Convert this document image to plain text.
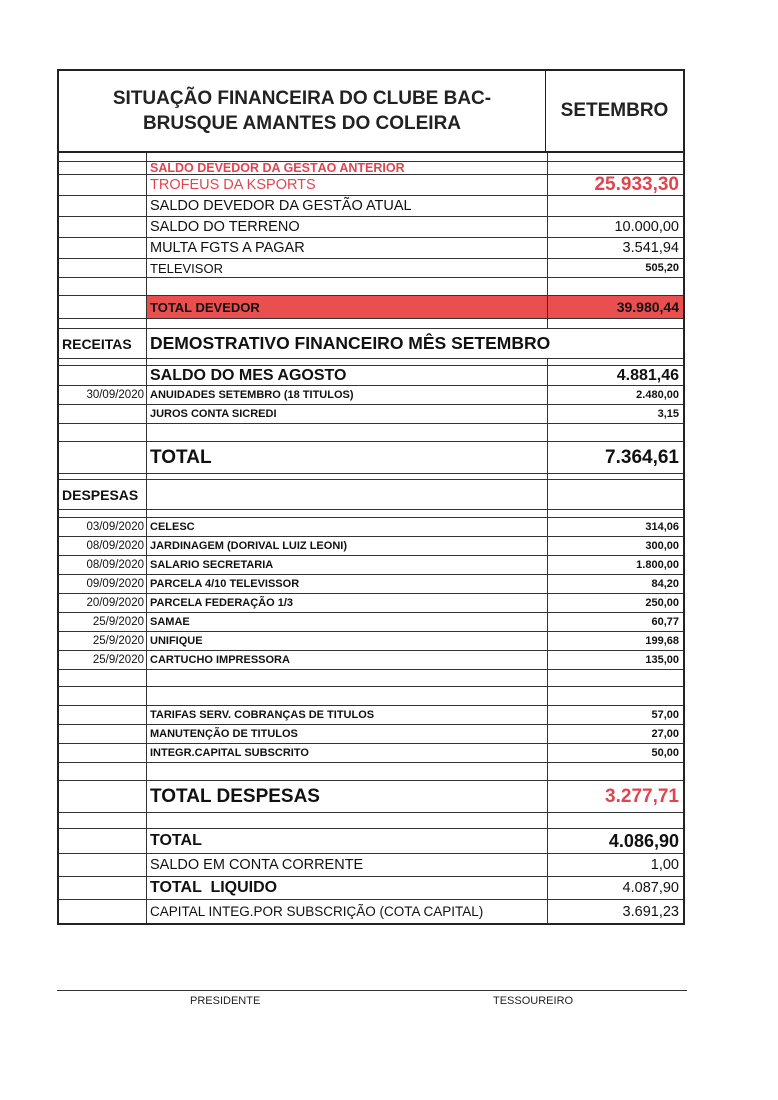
SITUAÇÃO FINANCEIRA DO CLUBE BAC-
BRUSQUE AMANTES DO COLEIRA
SETEMBRO
SALDO DEVEDOR DA GESTÃO ANTERIOR
TROFEUS DA KSPORTS	25.933,30
SALDO DEVEDOR DA GESTÃO ATUAL
SALDO DO TERRENO	10.000,00
MULTA FGTS A PAGAR	3.541,94
TELEVISOR	505,20
TOTAL DEVEDOR	39.980,44
RECEITAS	DEMOSTRATIVO FINANCEIRO MÊS SETEMBRO
SALDO DO MES AGOSTO	4.881,46
30/09/2020 ANUIDADES SETEMBRO (18 TITULOS)	2.480,00
JUROS CONTA SICREDI	3,15
TOTAL	7.364,61
DESPESAS
03/09/2020 CELESC	314,06
08/09/2020 JARDINAGEM (DORIVAL LUIZ LEONI)	300,00
08/09/2020 SALARIO SECRETARIA	1.800,00
09/09/2020 PARCELA 4/10 TELEVISSOR	84,20
20/09/2020 PARCELA FEDERAÇÃO 1/3	250,00
25/9/2020 SAMAE	60,77
25/9/2020 UNIFIQUE	199,68
25/9/2020 CARTUCHO IMPRESSORA	135,00
TARIFAS SERV. COBRANÇAS DE TITULOS	57,00
MANUTENÇÃO DE TITULOS	27,00
INTEGR.CAPITAL SUBSCRITO	50,00
TOTAL DESPESAS	3.277,71
TOTAL	4.086,90
SALDO EM CONTA CORRENTE	1,00
TOTAL  LIQUIDO	4.087,90
CAPITAL INTEG.POR SUBSCRIÇÃO (COTA CAPITAL)	3.691,23
PRESIDENTE	TESSOUREIRO
